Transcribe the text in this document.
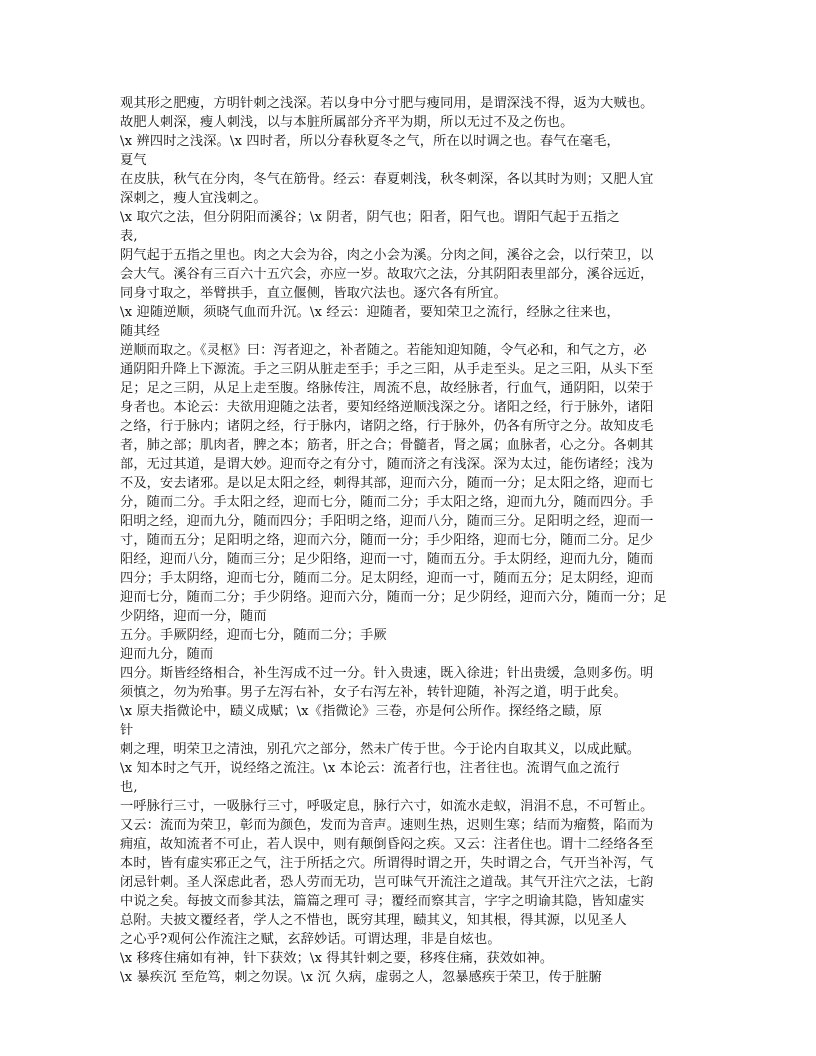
观其形之肥瘦，方明针刺之浅深。若以身中分寸肥与瘦同用，是谓深浅不得，返为大贼也。
故肥人刺深，瘦人刺浅，以与本脏所属部分齐平为期，所以无过不及之伤也。
\x 辨四时之浅深。\x 四时者，所以分春秋夏冬之气，所在以时调之也。春气在毫毛，
夏气
在皮肤，秋气在分肉，冬气在筋骨。经云：春夏刺浅，秋冬刺深，各以其时为则；又肥人宜
深刺之，瘦人宜浅刺之。
\x 取穴之法，但分阴阳而溪谷；\x 阴者，阴气也；阳者，阳气也。谓阳气起于五指之
表,
阴气起于五指之里也。肉之大会为谷，肉之小会为溪。分肉之间，溪谷之会，以行荣卫，以
会大气。溪谷有三百六十五穴会，亦应一岁。故取穴之法，分其阴阳表里部分，溪谷远近，
同身寸取之，举臂拱手，直立偃侧，皆取穴法也。逐穴各有所宜。
\x 迎随逆顺，须晓气血而升沉。\x 经云：迎随者，要知荣卫之流行，经脉之往来也，
随其经
逆顺而取之。《灵枢》曰：泻者迎之，补者随之。若能知迎知随，令气必和，和气之方，必
通阴阳升降上下源流。手之三阴从脏走至手；手之三阳，从手走至头。足之三阳，从头下至
足；足之三阴，从足上走至腹。络脉传注，周流不息，故经脉者，行血气，通阴阳，以荣于
身者也。本论云：夫欲用迎随之法者，要知经络逆顺浅深之分。诸阳之经，行于脉外，诸阳
之络，行于脉内；诸阴之经，行于脉内，诸阴之络，行于脉外，仍各有所守之分。故知皮毛
者，肺之部；肌肉者，脾之本；筋者，肝之合；骨髓者，肾之属；血脉者，心之分。各刺其
部，无过其道，是谓大妙。迎而夺之有分寸，随而济之有浅深。深为太过，能伤诸经；浅为
不及，安去诸邪。是以足太阳之经，刺得其部，迎而六分，随而一分；足太阳之络，迎而七
分，随而二分。手太阳之经，迎而七分，随而二分；手太阳之络，迎而九分，随而四分。手
阳明之经，迎而九分，随而四分；手阳明之络，迎而八分，随而三分。足阳明之经，迎而一
寸，随而五分；足阳明之络，迎而六分，随而一分；手少阳络，迎而七分，随而二分。足少
阳经，迎而八分，随而三分；足少阳络，迎而一寸，随而五分。手太阴经，迎而九分，随而
四分；手太阴络，迎而七分，随而二分。足太阴经，迎而一寸，随而五分；足太阴经，迎而
迎而七分，随而二分；手少阴络。迎而六分，随而一分；足少阴经，迎而六分，随而一分；足
少阴络，迎而一分，随而
五分。手厥阴经，迎而七分，随而二分；手厥
迎而九分，随而
四分。斯皆经络相合，补生泻成不过一分。针入贵速，既入徐进；针出贵缓，急则多伤。明
须慎之，勿为殆事。男子左泻右补，女子右泻左补，转针迎随，补泻之道，明于此矣。
\x 原夫指微论中，赜义成赋；\x《指微论》三卷，亦是何公所作。探经络之赜，原
针
刺之理，明荣卫之清浊，别孔穴之部分，然未广传于世。今于论内自取其义，以成此赋。
\x 知本时之气开，说经络之流注。\x 本论云：流者行也，注者往也。流谓气血之流行
也,
一呼脉行三寸，一吸脉行三寸，呼吸定息，脉行六寸，如流水走蚁，涓涓不息，不可暂止。
又云：流而为荣卫，彰而为颜色，发而为音声。速则生热，迟则生寒；结而为瘤赘，陷而为
痈疽，故知流者不可止，若人误中，则有颠倒昏闷之疾。又云：注者住也。谓十二经络各至
本时，皆有虚实邪正之气，注于所括之穴。所谓得时谓之开，失时谓之合，气开当补泻，气
闭忌针刺。圣人深虑此者，恐人劳而无功，岂可昧气开流注之道哉。其气开注穴之法，七韵
中说之矣。每披文而参其法，篇篇之理可 寻；覆经而察其言，字字之明谕其隐，皆知虚实
总附。夫披文覆经者，学人之不惜也，既穷其理，赜其义，知其根，得其源，以见圣人
之心乎?观何公作流注之赋，玄辞妙话。可谓达理，非是自炫也。
\x 移疼住痛如有神，针下获效；\x 得其针刺之要，移疼住痛，获效如神。
\x 暴疾沉 至危笃，刺之勿误。\x 沉 久病，虚弱之人，忽暴感疾于荣卫，传于脏腑
